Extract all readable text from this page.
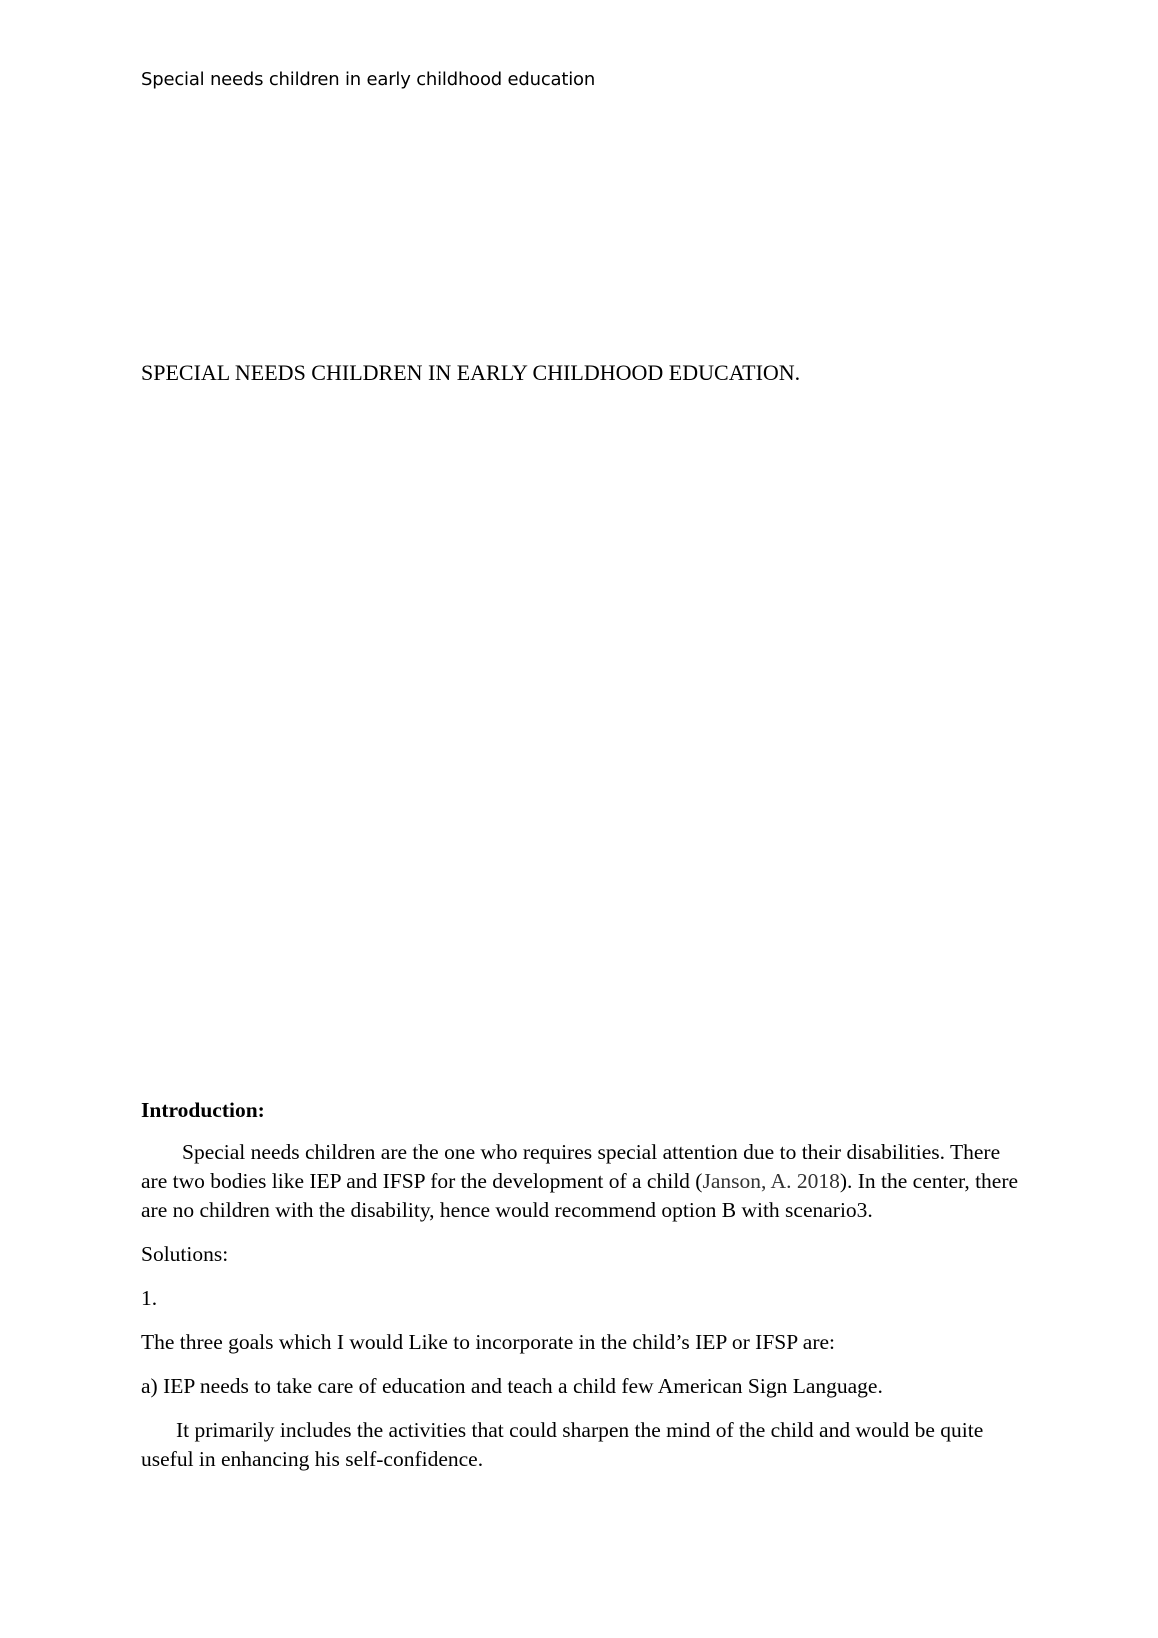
Special needs children in early childhood education
SPECIAL NEEDS CHILDREN IN EARLY CHILDHOOD EDUCATION.

Introduction:

Special needs children are the one who requires special attention due to their disabilities. There are two bodies like IEP and IFSP for the development of a child (Janson, A. 2018). In the center, there are no children with the disability, hence would recommend option B with scenario3.

Solutions:

1.

The three goals which I would Like to incorporate in the child’s IEP or IFSP are:

a) IEP needs to take care of education and teach a child few American Sign Language.

It primarily includes the activities that could sharpen the mind of the child and would be quite useful in enhancing his self-confidence.
